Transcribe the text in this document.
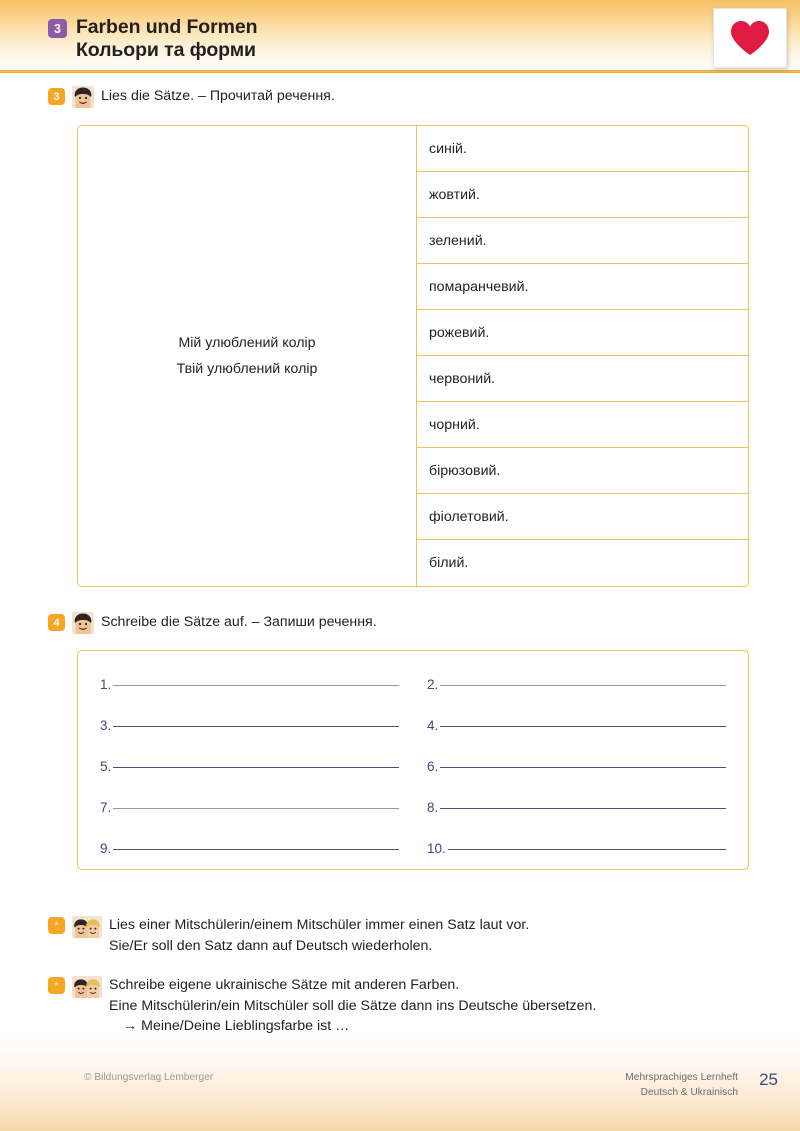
3 Farben und Formen
Кольори та форми
3	Lies die Sätze. – Прочитай речення.

Мій улюблений колір

Твій улюблений колір

синій.
жовтий.
зелений.
помаранчевий.
рожевий.
червоний.
чорний.
бірюзовий.
фіолетовий.
білий.
4	Schreibe die Sätze auf. – Запиши речення.
1.	2.
3.	4.
5.	6.
7.	8.
9.	10.
*	Lies einer Mitschülerin/einem Mitschüler immer einen Satz laut vor.
Sie/Er soll den Satz dann auf Deutsch wiederholen.
*	Schreibe eigene ukrainische Sätze mit anderen Farben.
Eine Mitschülerin/ein Mitschüler soll die Sätze dann ins Deutsche übersetzen.
→ Meine/Deine Lieblingsfarbe ist …
© Bildungsverlag Lemberger	Mehrsprachiges Lernheft
Deutsch & Ukrainisch
25
